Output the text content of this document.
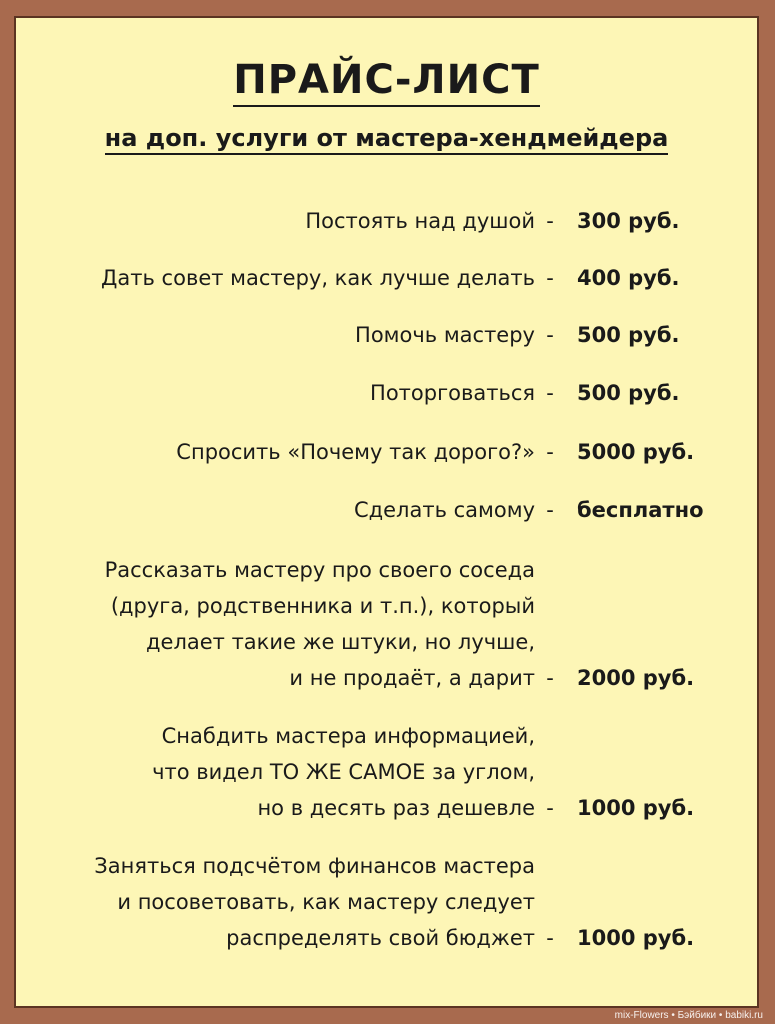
ПРАЙС-ЛИСТ
на доп. услуги от мастера-хендмейдера
Постоять над душой - 300 руб.
Дать совет мастеру, как лучше делать - 400 руб.
Помочь мастеру - 500 руб.
Поторговаться - 500 руб.
Спросить «Почему так дорого?» - 5000 руб.
Сделать самому - бесплатно
Рассказать мастеру про своего соседа
(друга, родственника и т.п.), который
делает такие же штуки, но лучше,
и не продаёт, а дарит - 2000 руб.
Снабдить мастера информацией,
что видел ТО ЖЕ САМОЕ за углом,
но в десять раз дешевле - 1000 руб.
Заняться подсчётом финансов мастера
и посоветовать, как мастеру следует
распределять свой бюджет - 1000 руб.
mix-Flowers • Бэйбики • babiki.ru
